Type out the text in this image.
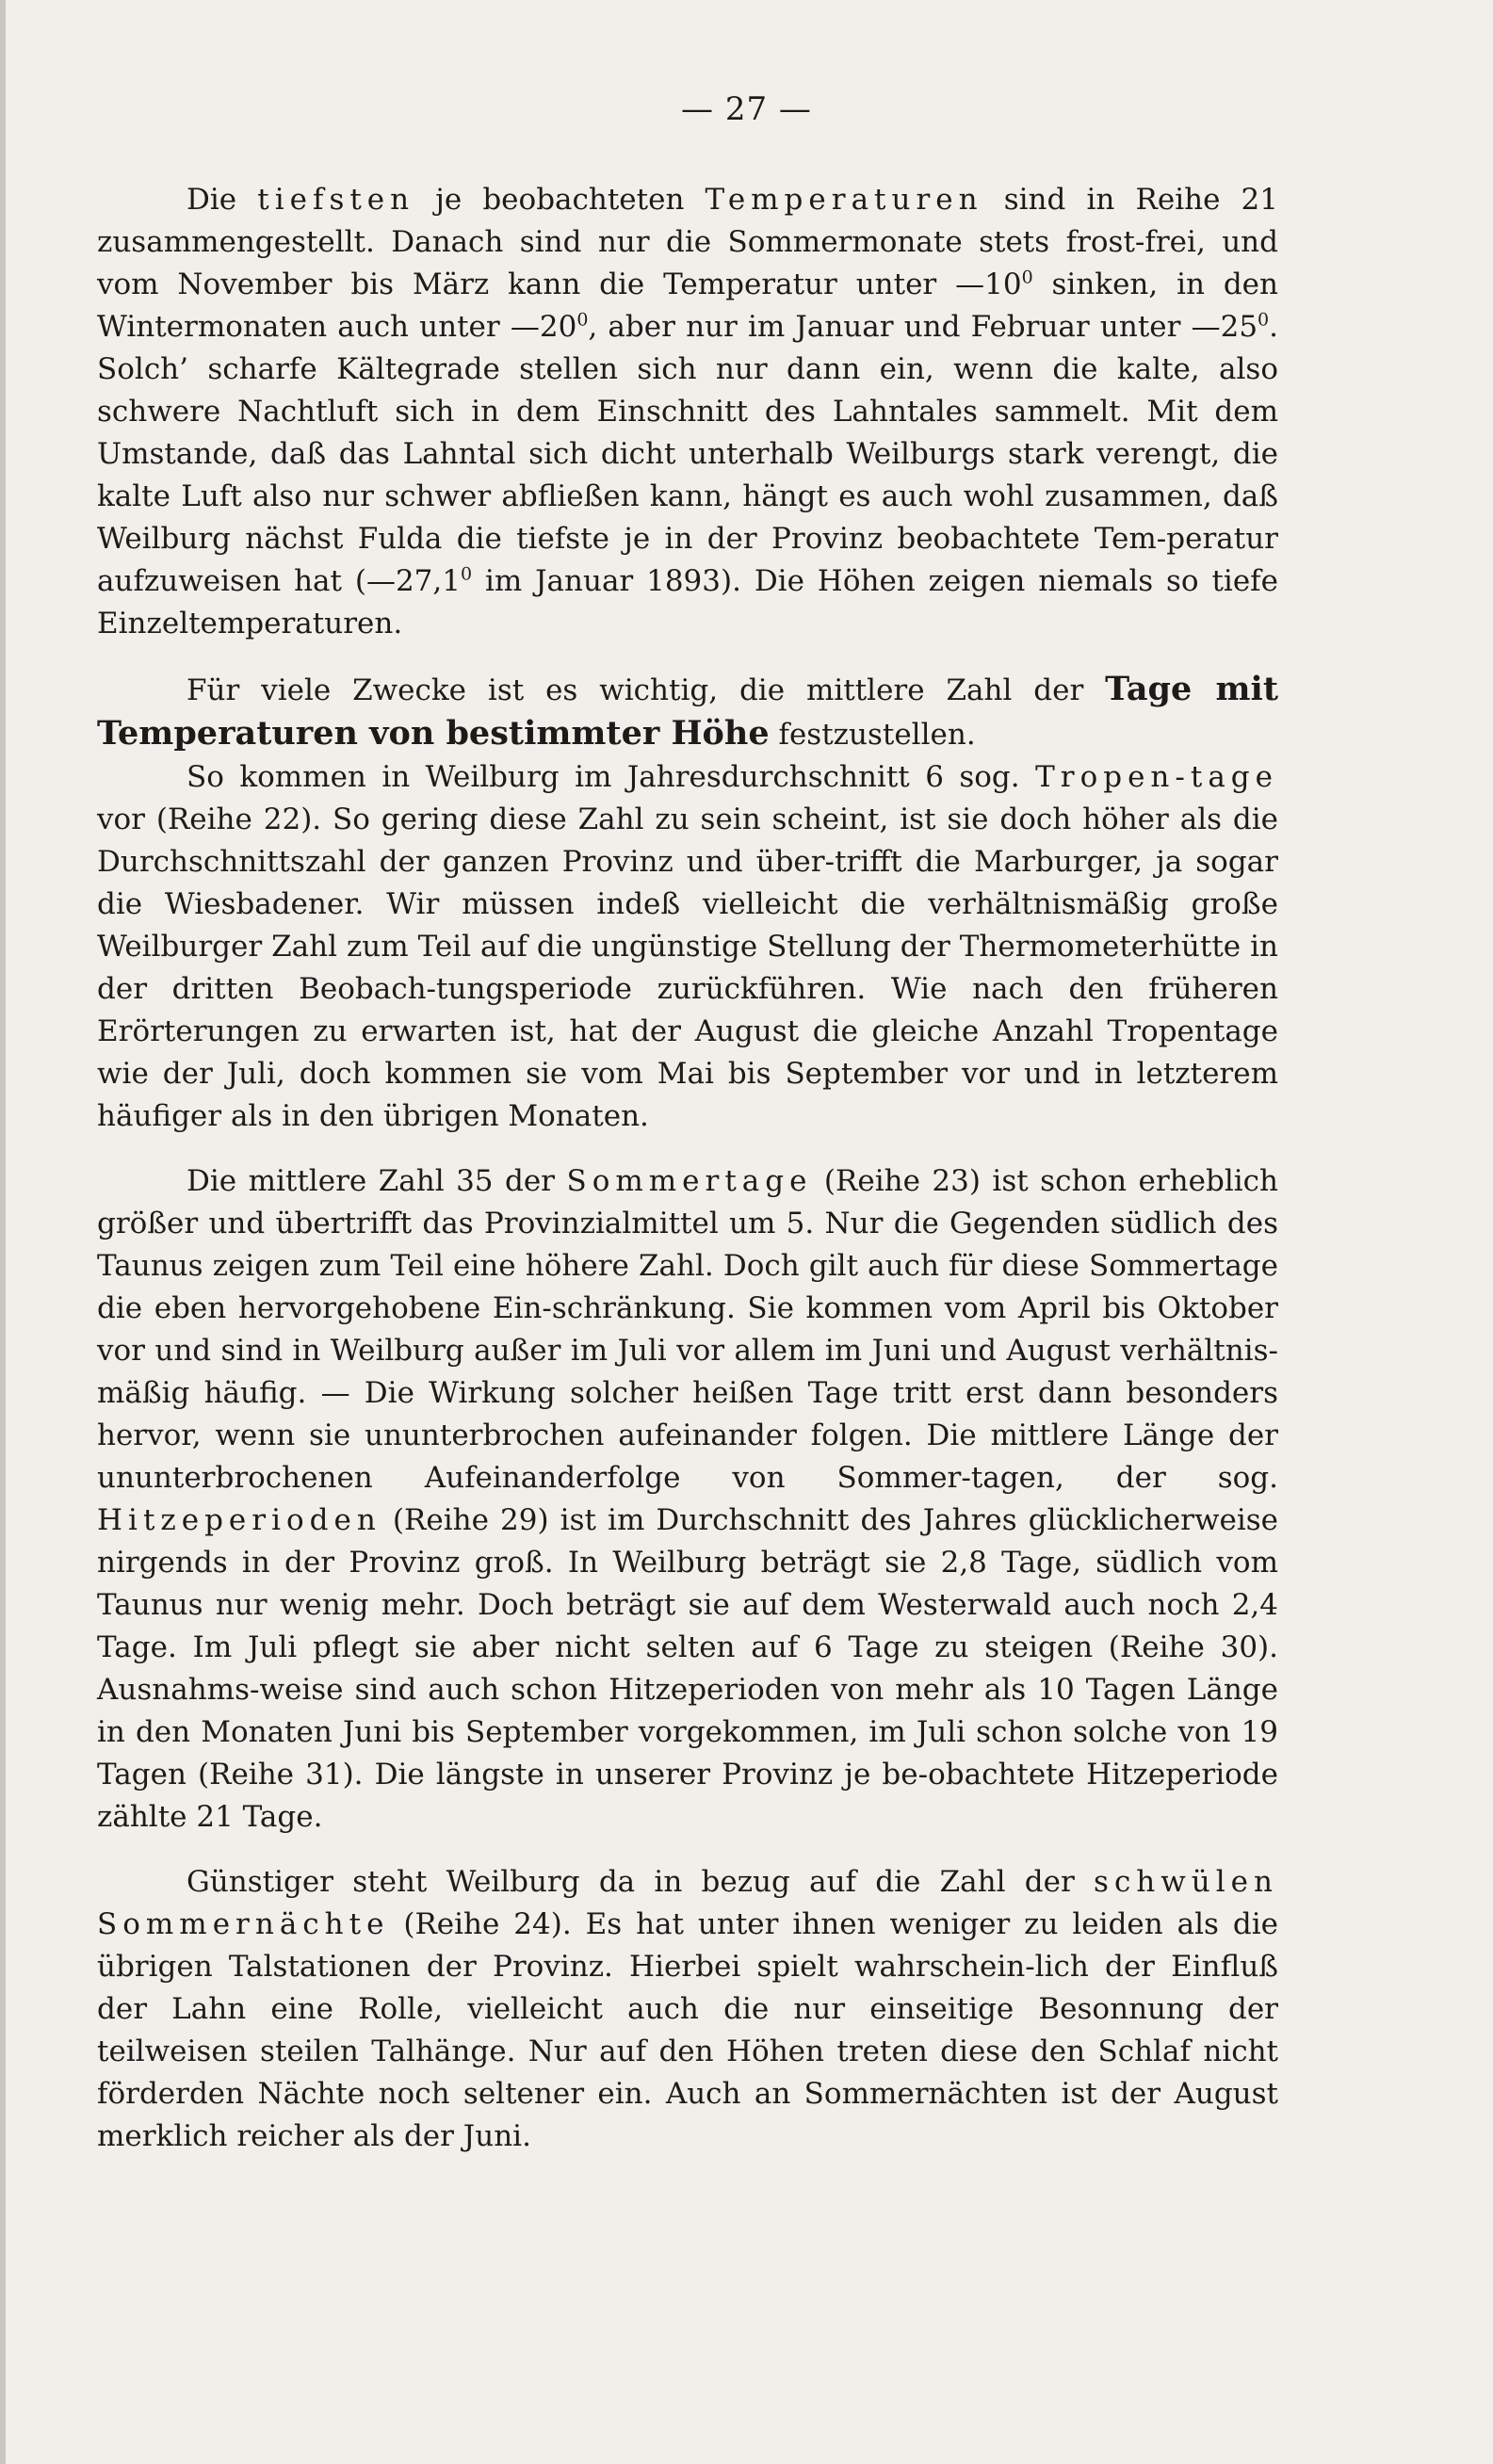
— 27 —

Die tiefsten je beobachteten Temperaturen sind in Reihe 21 zusammengestellt. Danach sind nur die Sommermonate stets frost-frei, und vom November bis März kann die Temperatur unter $—10^0$ sinken, in den Wintermonaten auch unter $—20^0$, aber nur im Januar und Februar unter $—25^0$. Solch’ scharfe Kältegrade stellen sich nur dann ein, wenn die kalte, also schwere Nachtluft sich in dem Einschnitt des Lahntales sammelt. Mit dem Umstande, daß das Lahntal sich dicht unterhalb Weilburgs stark verengt, die kalte Luft also nur schwer abfließen kann, hängt es auch wohl zusammen, daß Weilburg nächst Fulda die tiefste je in der Provinz beobachtete Tem-peratur aufzuweisen hat (—27,1$^0$ im Januar 1893). Die Höhen zeigen niemals so tiefe Einzeltemperaturen.

Für viele Zwecke ist es wichtig, die mittlere Zahl der Tage mit Temperaturen von bestimmter Höhe festzustellen.

So kommen in Weilburg im Jahresdurchschnitt 6 sog. Tropen-tage vor (Reihe 22). So gering diese Zahl zu sein scheint, ist sie doch höher als die Durchschnittszahl der ganzen Provinz und über-trifft die Marburger, ja sogar die Wiesbadener. Wir müssen indeß vielleicht die verhältnismäßig große Weilburger Zahl zum Teil auf die ungünstige Stellung der Thermometerhütte in der dritten Beobach-tungsperiode zurückführen. Wie nach den früheren Erörterungen zu erwarten ist, hat der August die gleiche Anzahl Tropentage wie der Juli, doch kommen sie vom Mai bis September vor und in letzterem häufiger als in den übrigen Monaten.

Die mittlere Zahl 35 der Sommertage (Reihe 23) ist schon erheblich größer und übertrifft das Provinzialmittel um 5. Nur die Gegenden südlich des Taunus zeigen zum Teil eine höhere Zahl. Doch gilt auch für diese Sommertage die eben hervorgehobene Ein-schränkung. Sie kommen vom April bis Oktober vor und sind in Weilburg außer im Juli vor allem im Juni und August verhältnis-mäßig häufig. — Die Wirkung solcher heißen Tage tritt erst dann besonders hervor, wenn sie ununterbrochen aufeinander folgen. Die mittlere Länge der ununterbrochenen Aufeinanderfolge von Sommer-tagen, der sog. Hitzeperioden (Reihe 29) ist im Durchschnitt des Jahres glücklicherweise nirgends in der Provinz groß. In Weilburg beträgt sie 2,8 Tage, südlich vom Taunus nur wenig mehr. Doch beträgt sie auf dem Westerwald auch noch 2,4 Tage. Im Juli pflegt sie aber nicht selten auf 6 Tage zu steigen (Reihe 30). Ausnahms-weise sind auch schon Hitzeperioden von mehr als 10 Tagen Länge in den Monaten Juni bis September vorgekommen, im Juli schon solche von 19 Tagen (Reihe 31). Die längste in unserer Provinz je be-obachtete Hitzeperiode zählte 21 Tage.

Günstiger steht Weilburg da in bezug auf die Zahl der schwülen Sommernächte (Reihe 24). Es hat unter ihnen weniger zu leiden als die übrigen Talstationen der Provinz. Hierbei spielt wahrschein-lich der Einfluß der Lahn eine Rolle, vielleicht auch die nur einseitige Besonnung der teilweisen steilen Talhänge. Nur auf den Höhen treten diese den Schlaf nicht förderden Nächte noch seltener ein. Auch an Sommernächten ist der August merklich reicher als der Juni.
